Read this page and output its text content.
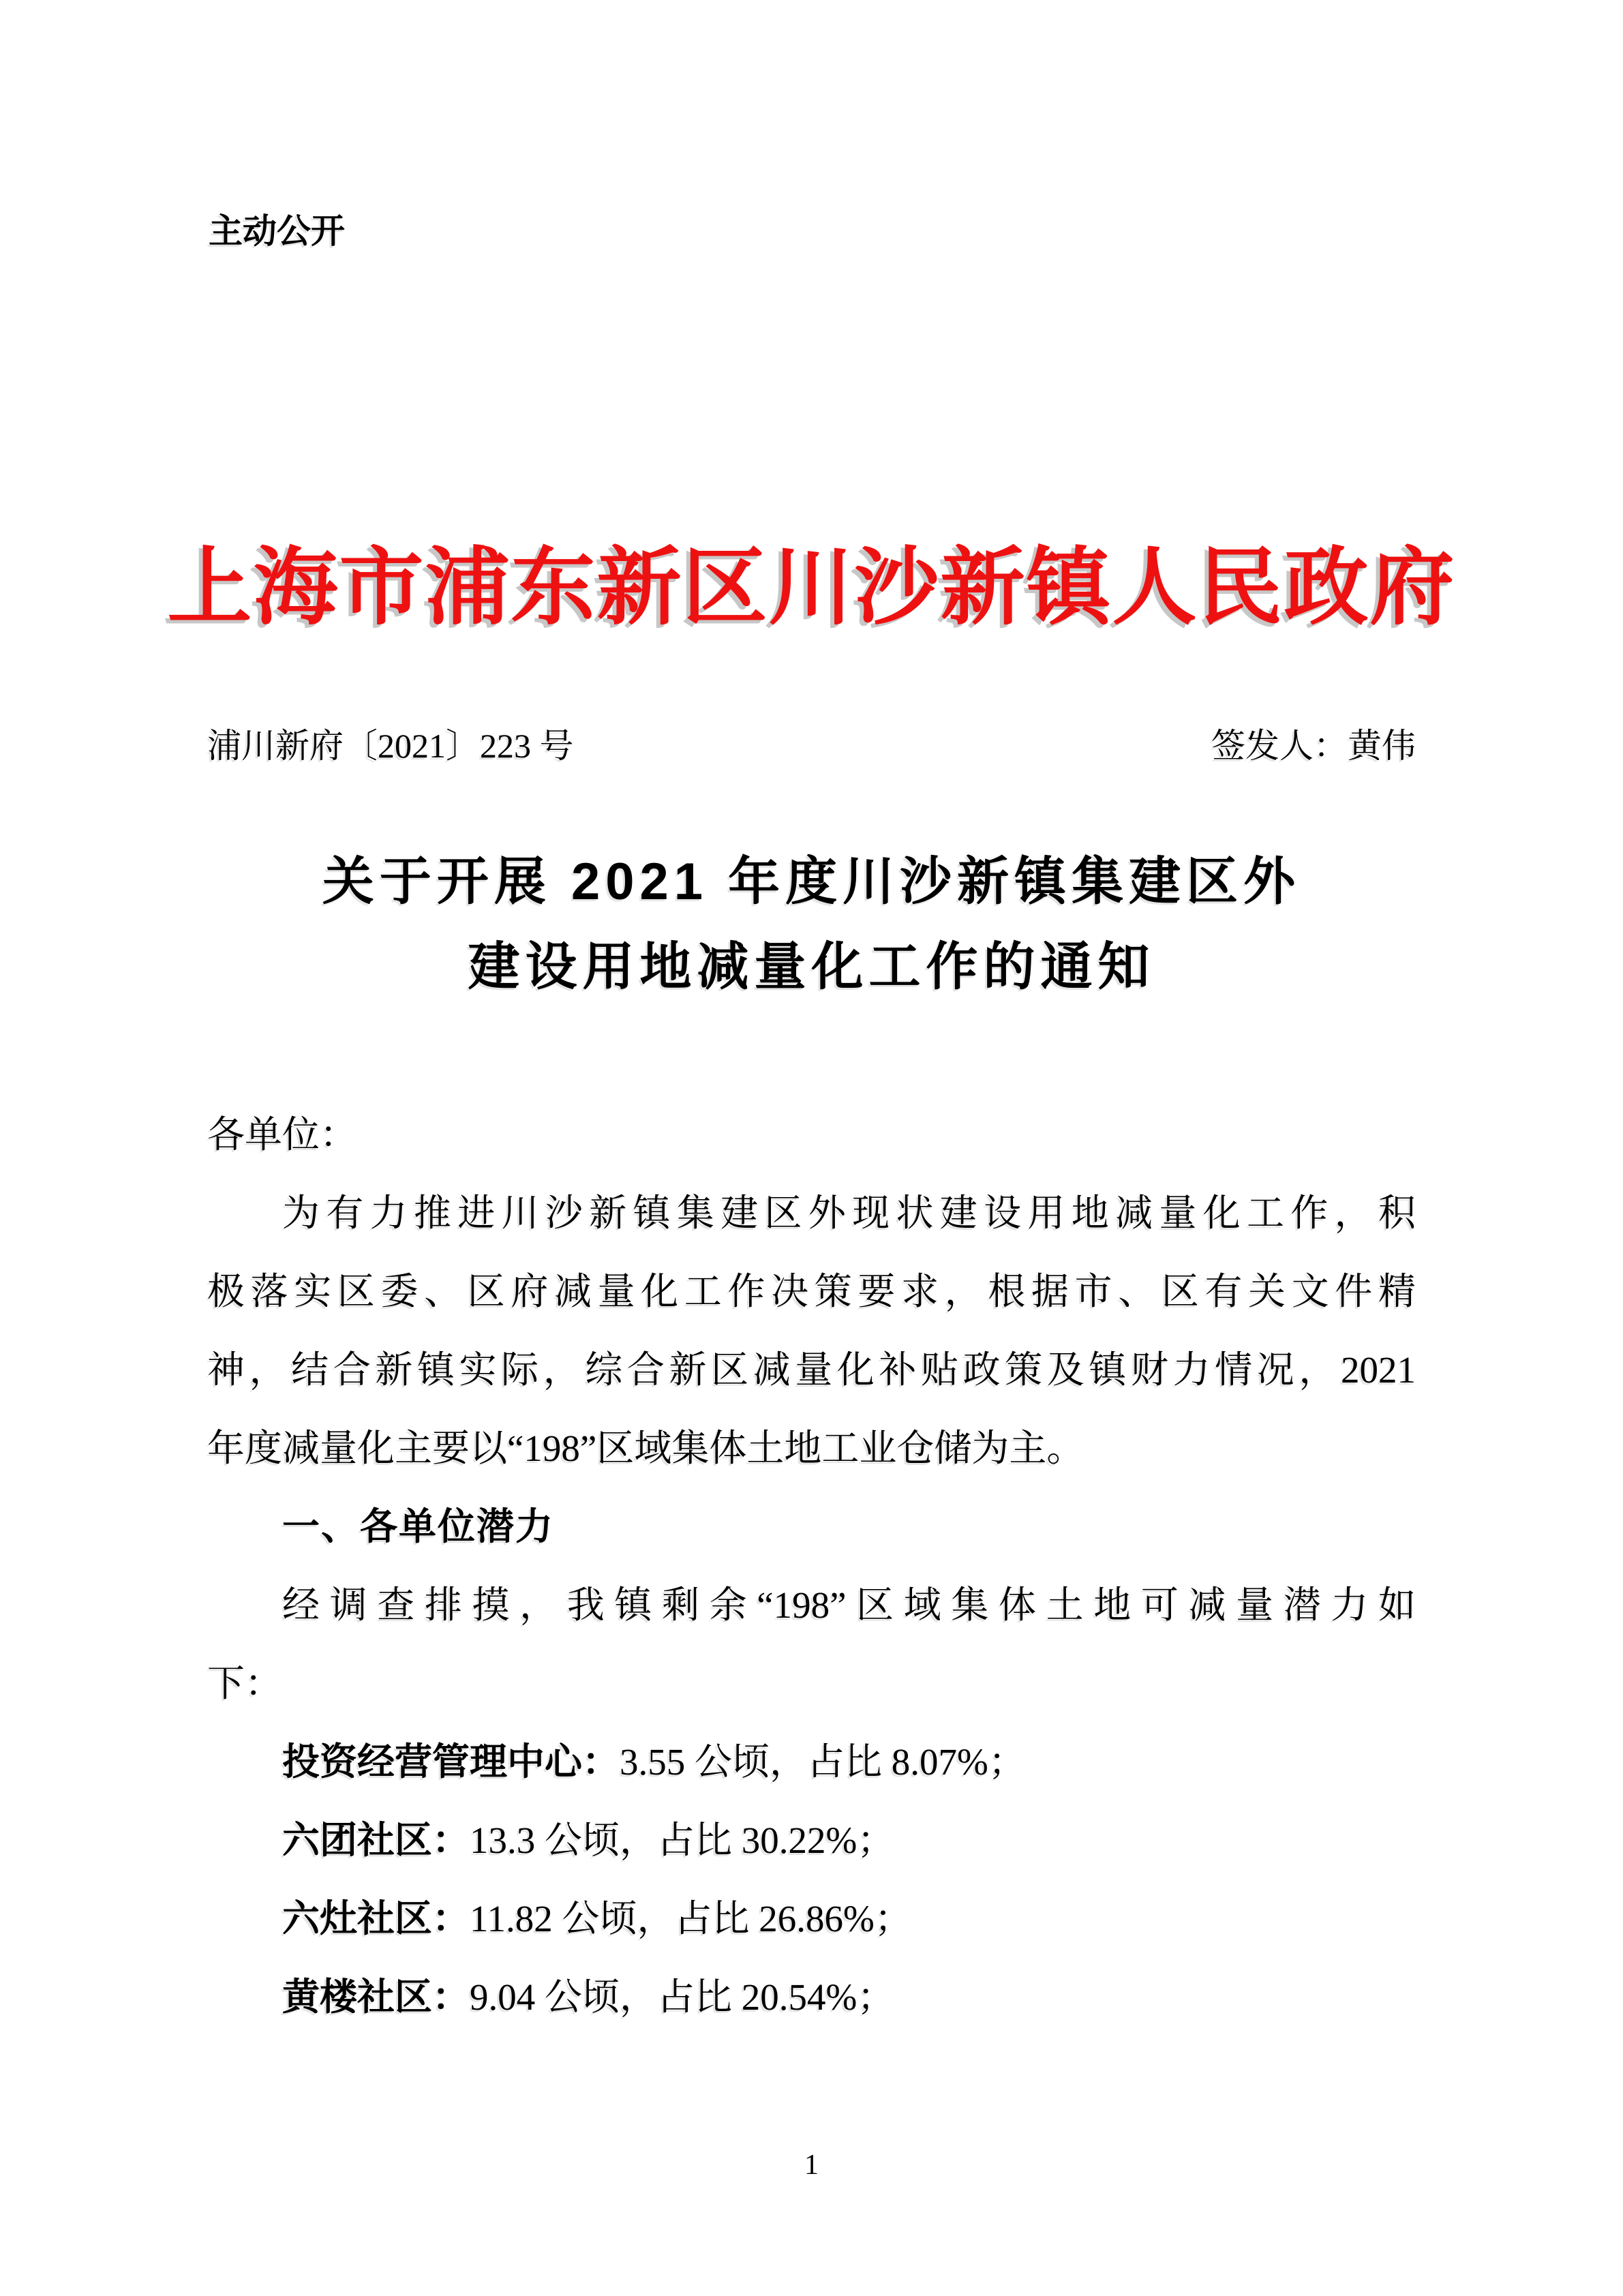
主动公开
上海市浦东新区川沙新镇人民政府
浦川新府〔2021〕223 号	签发人：黄伟
关于开展 2021 年度川沙新镇集建区外
建设用地减量化工作的通知
各单位：
为有力推进川沙新镇集建区外现状建设用地减量化工作，积
极落实区委、区府减量化工作决策要求，根据市、区有关文件精
神，结合新镇实际，综合新区减量化补贴政策及镇财力情况，2021
年度减量化主要以“198”区域集体土地工业仓储为主。
一、各单位潜力
经调查排摸，我镇剩余“198”区域集体土地可减量潜力如
下：
投资经营管理中心：3.55 公顷，占比 8.07%；
六团社区：13.3 公顷，占比 30.22%；
六灶社区：11.82 公顷，占比 26.86%；
黄楼社区：9.04 公顷，占比 20.54%；
1
